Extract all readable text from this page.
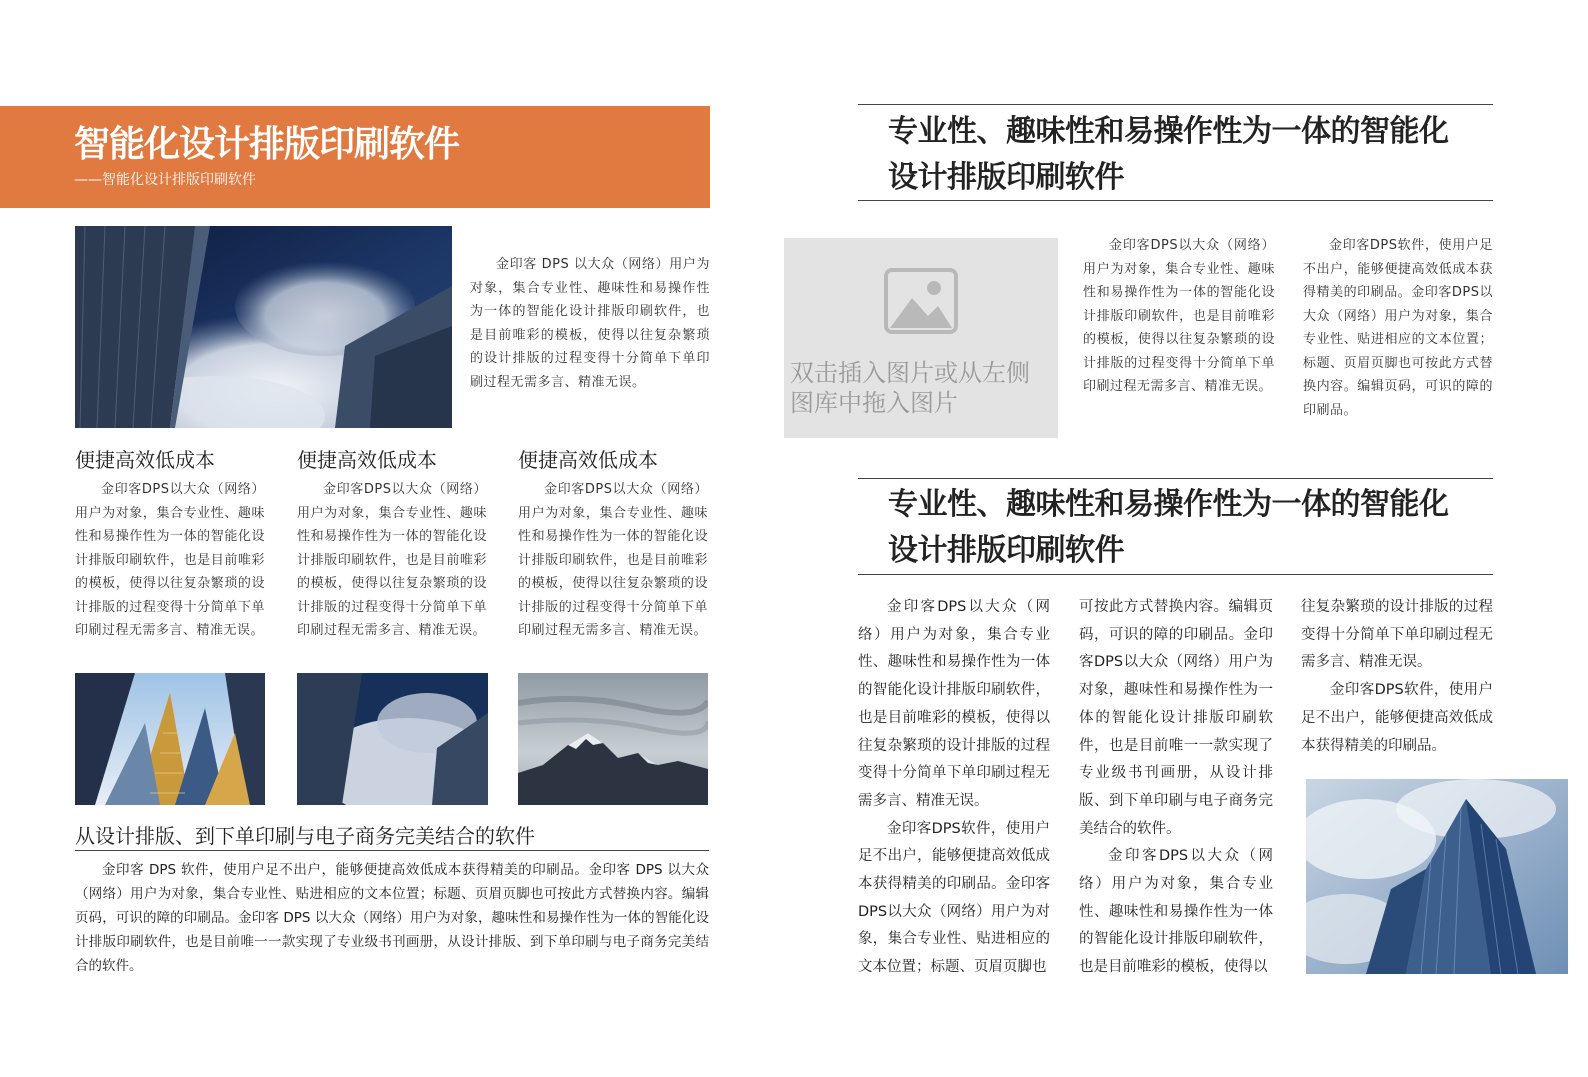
智能化设计排版印刷软件
——智能化设计排版印刷软件
金印客 DPS 以大众（网络）用户为对象，集合专业性、趣味性和易操作性为一体的智能化设计排版印刷软件，也是目前唯彩的模板，使得以往复杂繁琐的设计排版的过程变得十分简单下单印刷过程无需多言、精准无误。
便捷高效低成本
金印客DPS以大众（网络）用户为对象，集合专业性、趣味性和易操作性为一体的智能化设计排版印刷软件，也是目前唯彩的模板，使得以往复杂繁琐的设计排版的过程变得十分简单下单印刷过程无需多言、精准无误。
便捷高效低成本
金印客DPS以大众（网络）用户为对象，集合专业性、趣味性和易操作性为一体的智能化设计排版印刷软件，也是目前唯彩的模板，使得以往复杂繁琐的设计排版的过程变得十分简单下单印刷过程无需多言、精准无误。
便捷高效低成本
金印客DPS以大众（网络）用户为对象，集合专业性、趣味性和易操作性为一体的智能化设计排版印刷软件，也是目前唯彩的模板，使得以往复杂繁琐的设计排版的过程变得十分简单下单印刷过程无需多言、精准无误。
从设计排版、到下单印刷与电子商务完美结合的软件
金印客 DPS 软件，使用户足不出户，能够便捷高效低成本获得精美的印刷品。金印客 DPS 以大众（网络）用户为对象，集合专业性、贴进相应的文本位置；标题、页眉页脚也可按此方式替换内容。编辑页码，可识的障的印刷品。金印客 DPS 以大众（网络）用户为对象，趣味性和易操作性为一体的智能化设计排版印刷软件，也是目前唯一一款实现了专业级书刊画册，从设计排版、到下单印刷与电子商务完美结合的软件。
专业性、趣味性和易操作性为一体的智能化
设计排版印刷软件
双击插入图片或从左侧
图库中拖入图片
金印客DPS以大众（网络）用户为对象，集合专业性、趣味性和易操作性为一体的智能化设计排版印刷软件，也是目前唯彩的模板，使得以往复杂繁琐的设计排版的过程变得十分简单下单印刷过程无需多言、精准无误。
金印客DPS软件，使用户足不出户，能够便捷高效低成本获得精美的印刷品。金印客DPS以大众（网络）用户为对象，集合专业性、贴进相应的文本位置；标题、页眉页脚也可按此方式替换内容。编辑页码，可识的障的印刷品。
专业性、趣味性和易操作性为一体的智能化
设计排版印刷软件

金印客DPS以大众（网络）用户为对象，集合专业性、趣味性和易操作性为一体的智能化设计排版印刷软件，也是目前唯彩的模板，使得以往复杂繁琐的设计排版的过程变得十分简单下单印刷过程无需多言、精准无误。

金印客DPS软件，使用户足不出户，能够便捷高效低成本获得精美的印刷品。金印客DPS以大众（网络）用户为对象，集合专业性、贴进相应的文本位置；标题、页眉页脚也

可按此方式替换内容。编辑页码，可识的障的印刷品。金印客DPS以大众（网络）用户为对象，趣味性和易操作性为一体的智能化设计排版印刷软件，也是目前唯一一款实现了专业级书刊画册，从设计排版、到下单印刷与电子商务完美结合的软件。

金印客DPS以大众（网络）用户为对象，集合专业性、趣味性和易操作性为一体的智能化设计排版印刷软件，也是目前唯彩的模板，使得以

往复杂繁琐的设计排版的过程变得十分简单下单印刷过程无需多言、精准无误。

金印客DPS软件，使用户足不出户，能够便捷高效低成本获得精美的印刷品。
